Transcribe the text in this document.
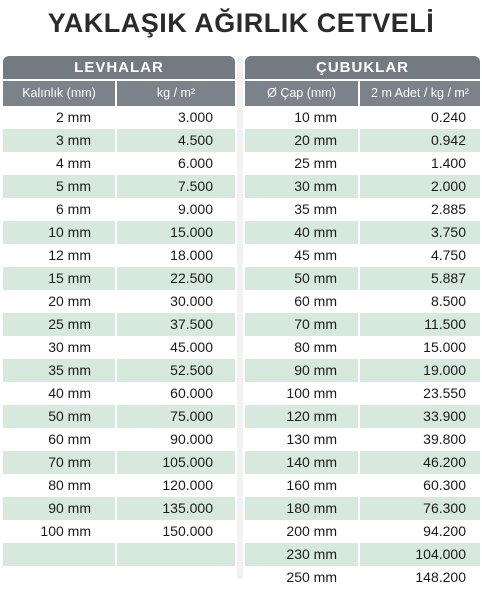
YAKLAŞIK AĞIRLIK CETVELİ
LEVHALAR
Kalınlık (mm)	kg / m²
2 mm	3.000
3 mm	4.500
4 mm	6.000
5 mm	7.500
6 mm	9.000
10 mm	15.000
12 mm	18.000
15 mm	22.500
20 mm	30.000
25 mm	37.500
30 mm	45.000
35 mm	52.500
40 mm	60.000
50 mm	75.000
60 mm	90.000
70 mm	105.000
80 mm	120.000
90 mm	135.000
100 mm	150.000
ÇUBUKLAR
Ø Çap (mm)	2 m Adet / kg / m²
10 mm	0.240
20 mm	0.942
25 mm	1.400
30 mm	2.000
35 mm	2.885
40 mm	3.750
45 mm	4.750
50 mm	5.887
60 mm	8.500
70 mm	11.500
80 mm	15.000
90 mm	19.000
100 mm	23.550
120 mm	33.900
130 mm	39.800
140 mm	46.200
160 mm	60.300
180 mm	76.300
200 mm	94.200
230 mm	104.000
250 mm	148.200
